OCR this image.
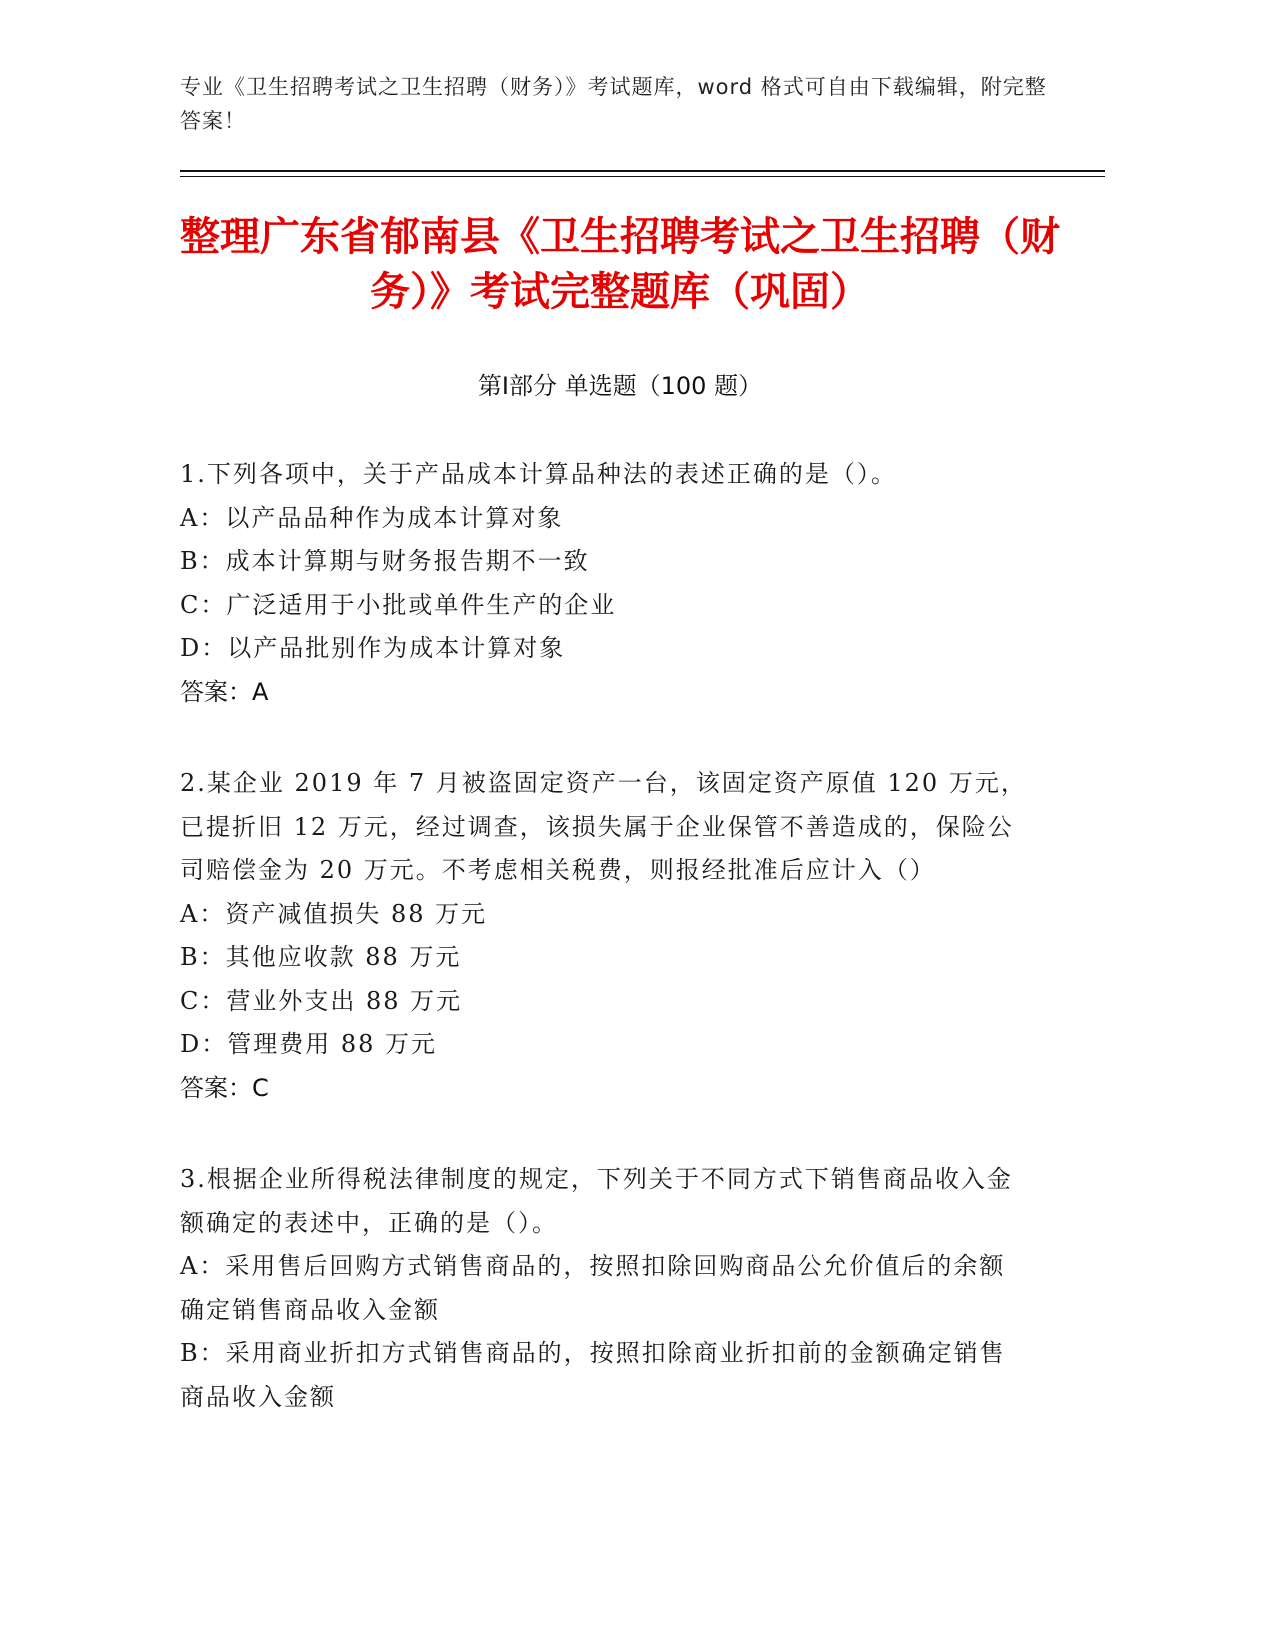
专业《卫生招聘考试之卫生招聘（财务）》考试题库，word 格式可自由下载编辑，附完整答案！
整理广东省郁南县《卫生招聘考试之卫生招聘（财务）》考试完整题库（巩固）
第Ⅰ部分 单选题（100 题）

1.下列各项中，关于产品成本计算品种法的表述正确的是（）。

A：以产品品种作为成本计算对象

B：成本计算期与财务报告期不一致

C：广泛适用于小批或单件生产的企业

D：以产品批别作为成本计算对象

答案：A

2.某企业 2019 年 7 月被盗固定资产一台，该固定资产原值 120 万元，已提折旧 12 万元，经过调查，该损失属于企业保管不善造成的，保险公司赔偿金为 20 万元。不考虑相关税费，则报经批准后应计入（）

A：资产减值损失 88 万元

B：其他应收款 88 万元

C：营业外支出 88 万元

D：管理费用 88 万元

答案：C

3.根据企业所得税法律制度的规定，下列关于不同方式下销售商品收入金额确定的表述中，正确的是（）。

A：采用售后回购方式销售商品的，按照扣除回购商品公允价值后的余额确定销售商品收入金额

B：采用商业折扣方式销售商品的，按照扣除商业折扣前的金额确定销售商品收入金额
